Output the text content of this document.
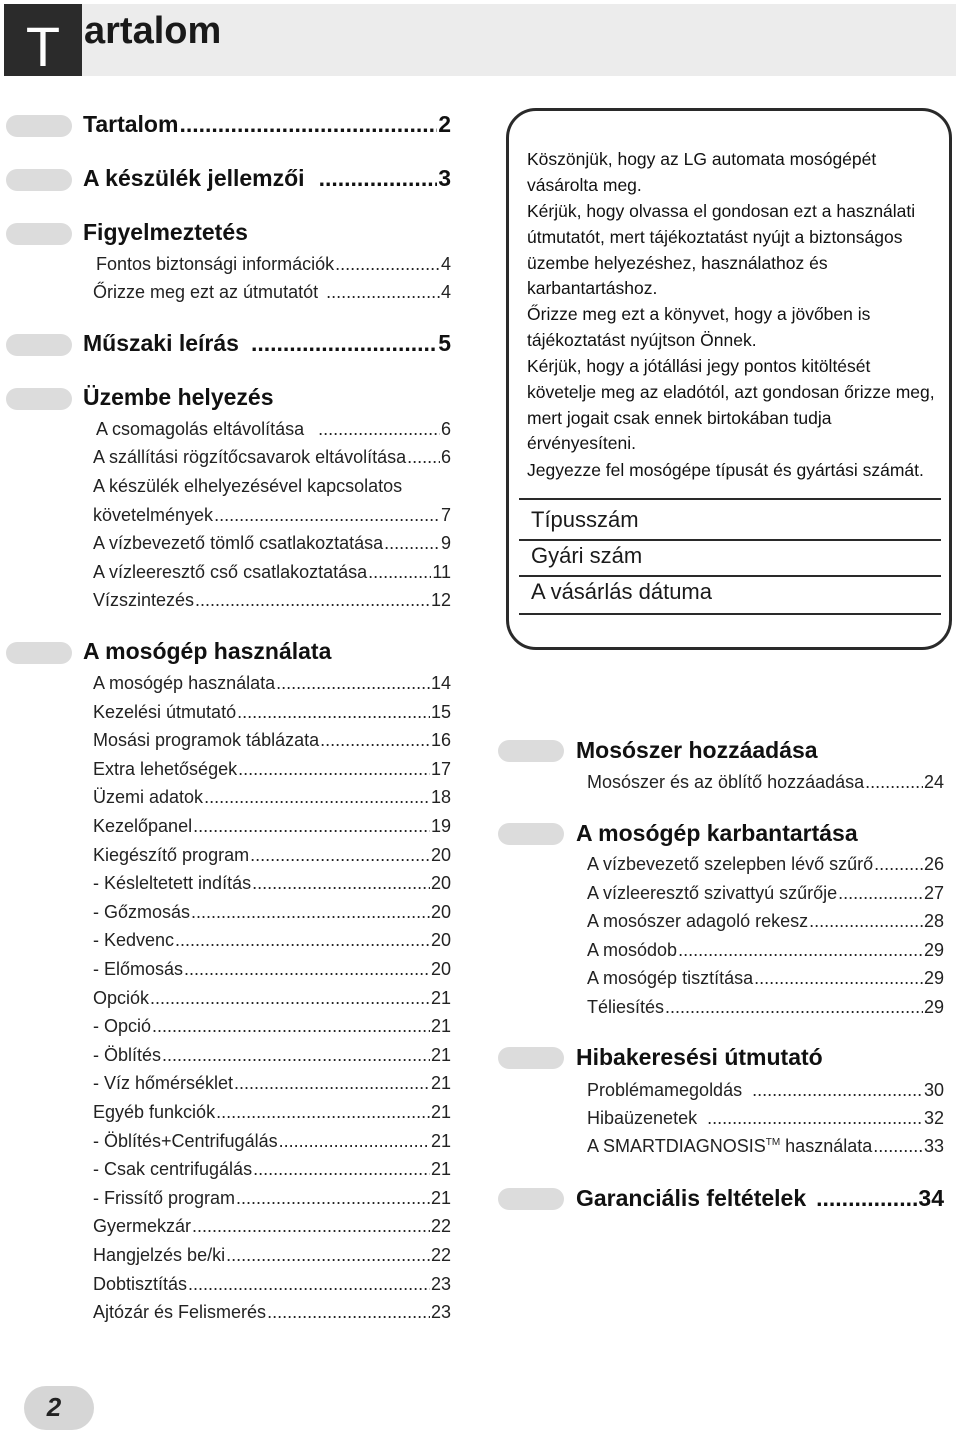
T artalom
Tartalom .....	2
A készülék jellemzői .....	3
Figyelmeztetés
Fontos biztonsági információk .....	4
Őrizze meg ezt az útmutatót .....	4
Műszaki leírás .....	5
Üzembe helyezés
A csomagolás eltávolítása .....	6
A szállítási rögzítőcsavarok eltávolítása ..... 6
A készülék elhelyezésével kapcsolatos
követelmények .....	7
A vízbevezető tömlő csatlakoztatása .....	9
A vízleeresztő cső csatlakoztatása .....	11
Vízszintezés .....	12
A mosógép használata
A mosógép használata .....	14
Kezelési útmutató .....	15
Mosási programok táblázata .....	16
Extra lehetőségek .....	17
Üzemi adatok .....	18
Kezelőpanel .....	19
Kiegészítő program .....	20
- Késleltetett indítás .....	20
- Gőzmosás .....	20
- Kedvenc .....	20
- Előmosás .....	20
Opciók .....	21
- Opció .....	21
- Öblítés .....	21
- Víz hőmérséklet .....	21
Egyéb funkciók .....	21
- Öblítés+Centrifugálás .....	21
- Csak centrifugálás .....	21
- Frissítő program .....	21
Gyermekzár .....	22
Hangjelzés be/ki .....	22
Dobtisztítás .....	23
Ajtózár és Felismerés .....	23
Köszönjük, hogy az LG automata mosógépét vásárolta meg.
Kérjük, hogy olvassa el gondosan ezt a használati útmutatót, mert tájékoztatást nyújt a biztonságos üzembe helyezéshez, használathoz és karbantartáshoz.
Őrizze meg ezt a könyvet, hogy a jövőben is tájékoztatást nyújtson Önnek.
Kérjük, hogy a jótállási jegy pontos kitöltését követelje meg az eladótól, azt gondosan őrizze meg, mert jogait csak ennek birtokában tudja érvényesíteni.
Jegyezze fel mosógépe típusát és gyártási számát.
Típusszám
Gyári szám
A vásárlás dátuma
Mosószer hozzáadása
Mosószer és az öblítő hozzáadása .....	24
A mosógép karbantartása
A vízbevezető szelepben lévő szűrő .....	26
A vízleeresztő szivattyú szűrője .....	27
A mosószer adagoló rekesz .....	28
A mosódob .....	29
A mosógép tisztítása .....	29
Téliesítés .....	29
Hibakeresési útmutató
Problémamegoldás .....	30
Hibaüzenetek .....	32
A SMARTDIAGNOSIS™ használata .....	33
Garanciális feltételek .....	34
2
